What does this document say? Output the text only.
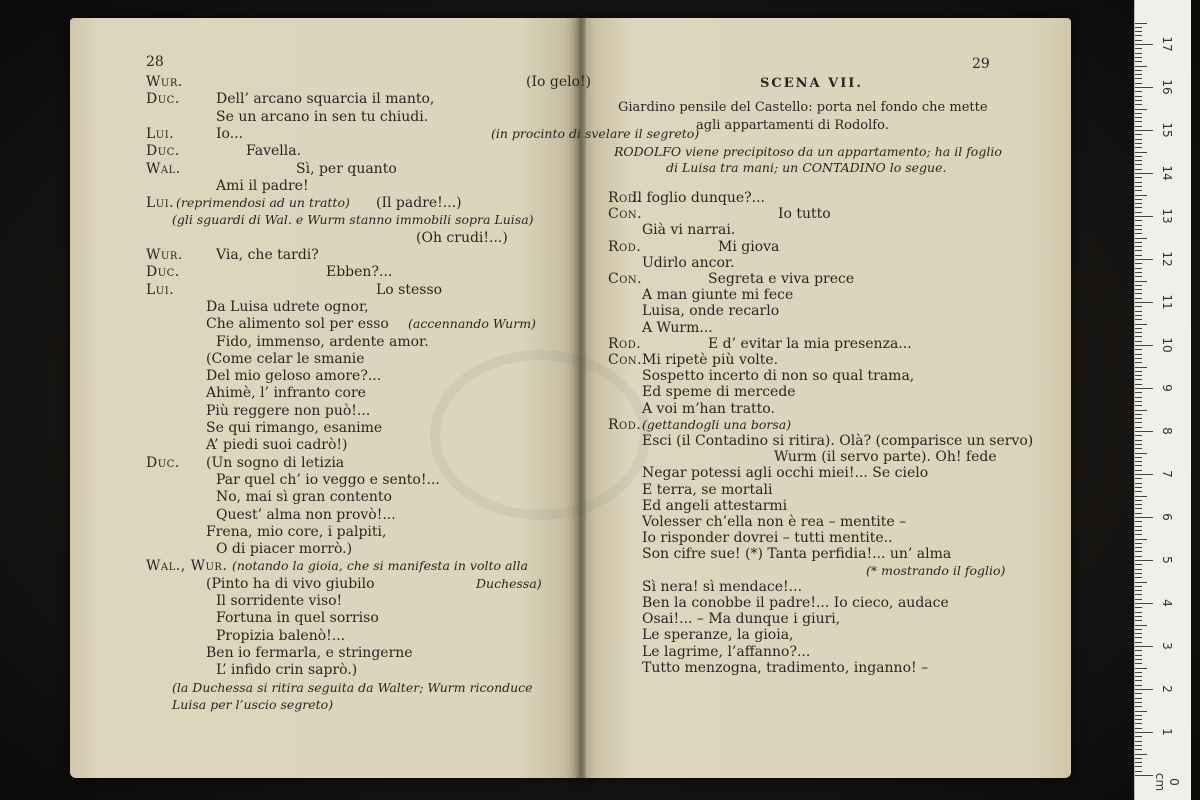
Wur.	(Io gelo!)
Duc.	Dell’ arcano squarcia il manto,
Se un arcano in sen tu chiudi.
Lui.	Io...	(in procinto di svelare il segreto)
Duc.	Favella.
Wal.	Sì, per quanto
Ami il padre!
Lui. (reprimendosi ad un tratto) (Il padre!...)
(gli sguardi di Wal. e Wurm stanno immobili sopra Luisa)
(Oh crudi!...)
Wur. Via, che tardi?
Duc.	Ebben?...
Lui.	Lo stesso
Da Luisa udrete ognor,
Che alimento sol per esso (accennando Wurm)
Fido, immenso, ardente amor.
(Come celar le smanie
Del mio geloso amore?...
Ahimè, l’ infranto core
Più reggere non può!...
Se qui rimango, esanime
A’ piedi suoi cadrò!)
Duc. (Un sogno di letizia
Par quel ch’ io veggo e sento!...
No, mai sì gran contento
Quest’ alma non provò!...
Frena, mio core, i palpiti,
O di piacer morrò.)
Wal., Wur. (notando la gioia, che si manifesta in volto alla
(Pinto ha di vivo giubilo	Duchessa)
Il sorridente viso!
Fortuna in quel sorriso
Propizia balenò!...
Ben io fermarla, e stringerne
L’ infido crin saprò.)
(la Duchessa si ritira seguita da Walter; Wurm riconduce
Luisa per l’uscio segreto)
Rod.
Il foglio dunque?...
Con.	Io tutto
Già vi narrai.
Rod.	Mi giova
Udirlo ancor.
Con.	Segreta e viva prece
A man giunte mi fece
Luisa, onde recarlo
A Wurm...
Rod.	E d’ evitar la mia presenza...
Con. Mi ripetè più volte.
Sospetto incerto di non so qual trama,
Ed speme di mercede
A voi m’han tratto.
Rod. (gettandogli una borsa)
Esci (il Contadino si ritira). Olà? (comparisce un servo)
Wurm (il servo parte). Oh! fede
Negar potessi agli occhi miei!... Se cielo
E terra, se mortali
Ed angeli attestarmi
Volesser ch’ella non è rea – mentite –
Io risponder dovrei – tutti mentite..
Son cifre sue! (*) Tanta perfidia!... un’ alma
(* mostrando il foglio)
Sì nera! sì mendace!...
Ben la conobbe il padre!... Io cieco, audace
Osai!... – Ma dunque i giuri,
Le speranze, la gioia,
Le lagrime, l’affanno?...
Tutto menzogna, tradimento, inganno! –
28	29
SCENA VII.
Giardino pensile del Castello: porta nel fondo che mette
agli appartamenti di Rodolfo.
RODOLFO viene precipitoso da un appartamento; ha il foglio
di Luisa tra mani; un CONTADINO lo segue.
0 cm
1
2
3
4
5
6
7
8
9
10
11
12
13
14
15
16
17
